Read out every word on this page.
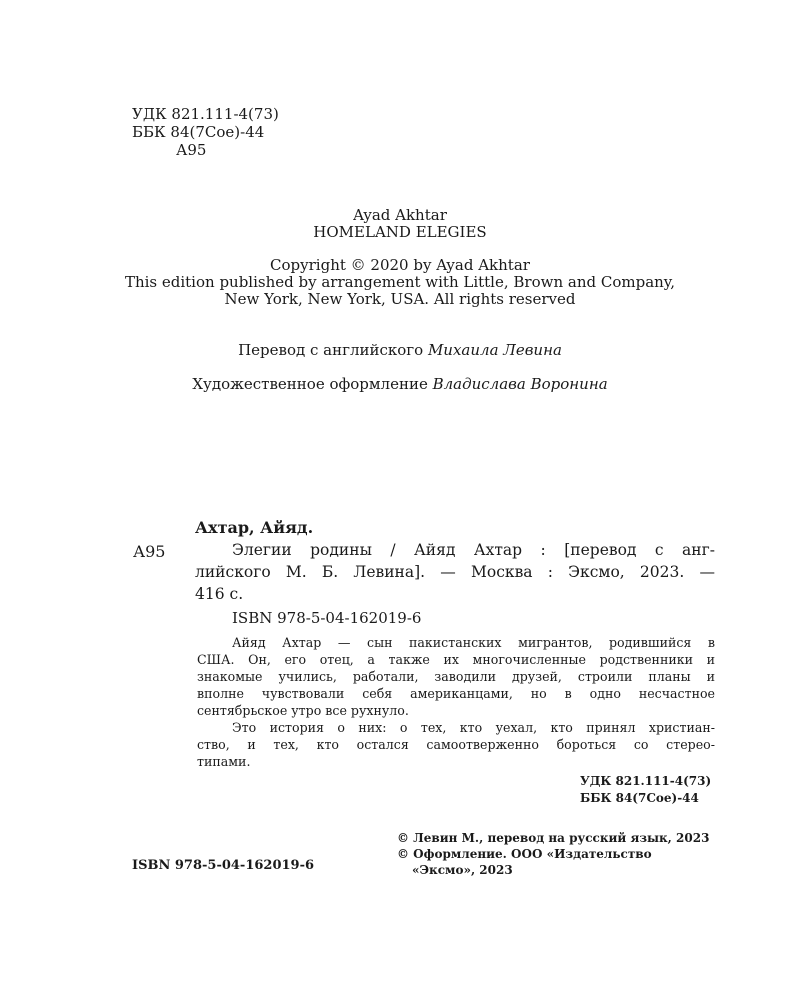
УДК 821.111-4(73)
ББК 84(7Сое)-44
А95
Ayad Akhtar
HOMELAND ELEGIES
Copyright © 2020 by Ayad Akhtar
This edition published by arrangement with Little, Brown and Company,
New York, New York, USA. All rights reserved
Перевод с английского Михаила Левина
Художественное оформление Владислава Воронина
Ахтар, Айяд.
А95	Элегии родины / Айяд Ахтар : [перевод с анг-
лийского М. Б. Левина]. — Москва : Эксмо, 2023. —
416 с.
ISBN 978-5-04-162019-6
Айяд Ахтар — сын пакистанских мигрантов, родившийся в
США. Он, его отец, а также их многочисленные родственники и
знакомые учились, работали, заводили друзей, строили планы и
вполне чувствовали себя американцами, но в одно несчастное
сентябрьское утро все рухнуло.
Это история о них: о тех, кто уехал, кто принял христиан-
ство, и тех, кто остался самоотверженно бороться со стерео-
типами.
УДК 821.111-4(73)
ББК 84(7Сое)-44
© Левин М., перевод на русский язык, 2023
© Оформление. ООО «Издательство
«Эксмо», 2023
ISBN 978-5-04-162019-6
